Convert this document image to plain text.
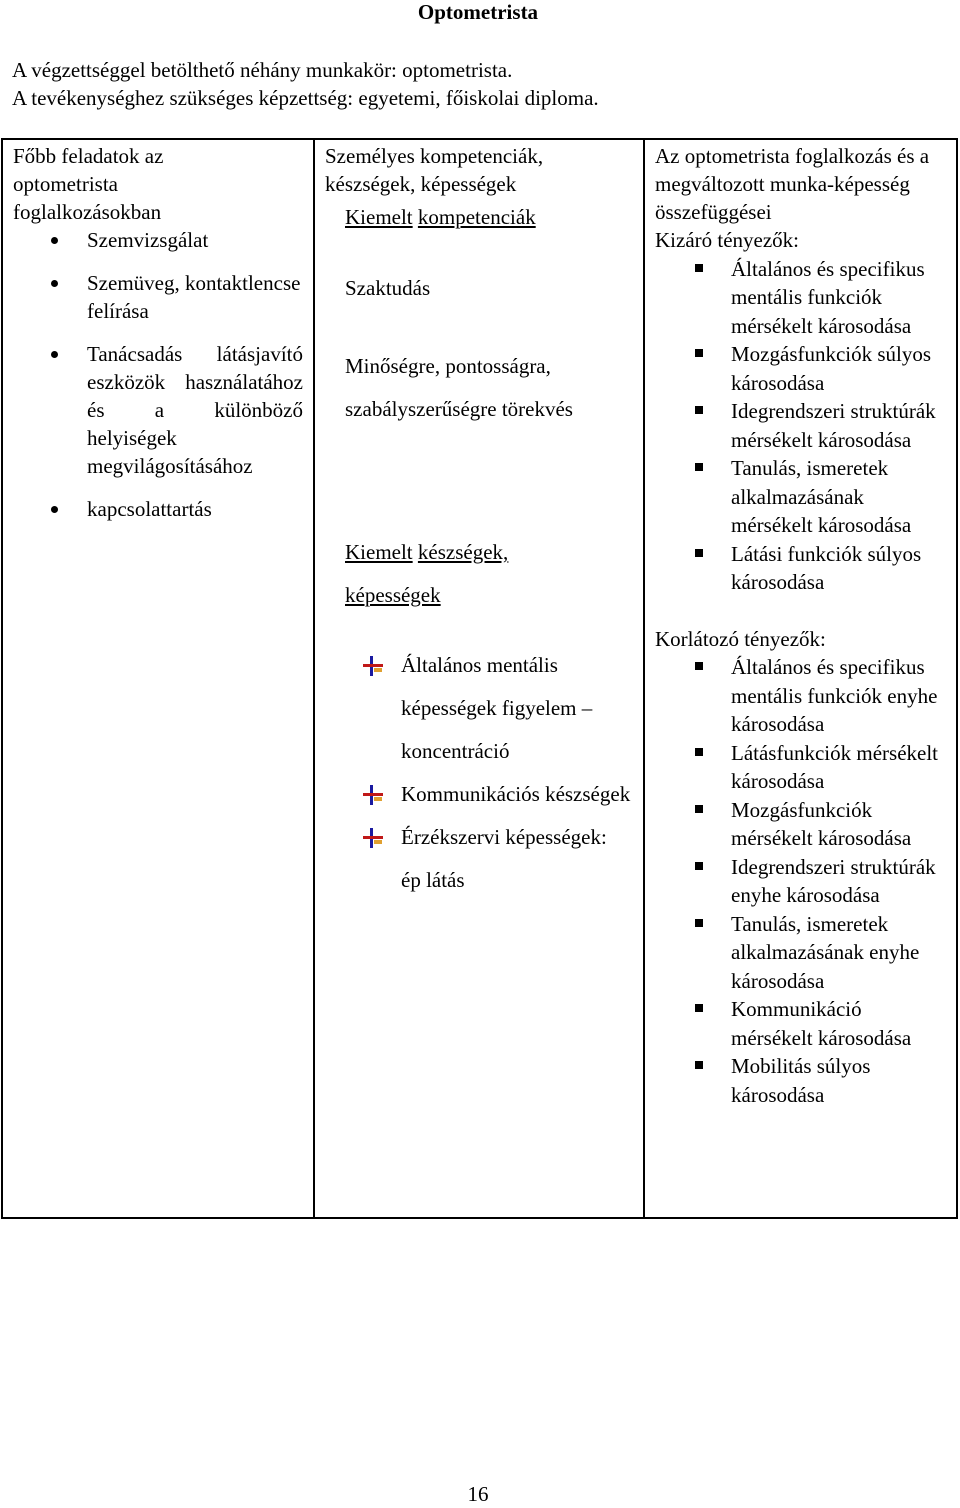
Optometrista
A végzettséggel betölthető néhány munkakör: optometrista.
A tevékenységhez szükséges képzettség: egyetemi, főiskolai diploma.
Főbb feladatok az optometrista foglalkozásokban
Szemvizsgálat
Szemüveg, kontaktlencse felírása
Tanácsadás látásjavító eszközök használatához és a különböző helyiségek megvilágosításához
kapcsolattartás

Személyes kompetenciák, készségek, képességek
Kiemelt kompetenciák
Szaktudás
Minőségre, pontosságra, szabályszerűségre törekvés
Kiemelt készségek, képességek
Általános mentális képességek figyelem – koncentráció
Kommunikációs készségek
Érzékszervi képességek: ép látás

Az optometrista foglalkozás és a megváltozott munka-képesség összefüggései
Kizáró tényezők:
Általános és specifikus mentális funkciók mérsékelt károsodása
Mozgásfunkciók súlyos károsodása
Idegrendszeri struktúrák mérsékelt károsodása
Tanulás, ismeretek alkalmazásának mérsékelt károsodása
Látási funkciók súlyos károsodása
Korlátozó tényezők:
Általános és specifikus mentális funkciók enyhe károsodása
Látásfunkciók mérsékelt károsodása
Mozgásfunkciók mérsékelt károsodása
Idegrendszeri struktúrák enyhe károsodása
Tanulás, ismeretek alkalmazásának enyhe károsodása
Kommunikáció mérsékelt károsodása
Mobilitás súlyos károsodása
16
